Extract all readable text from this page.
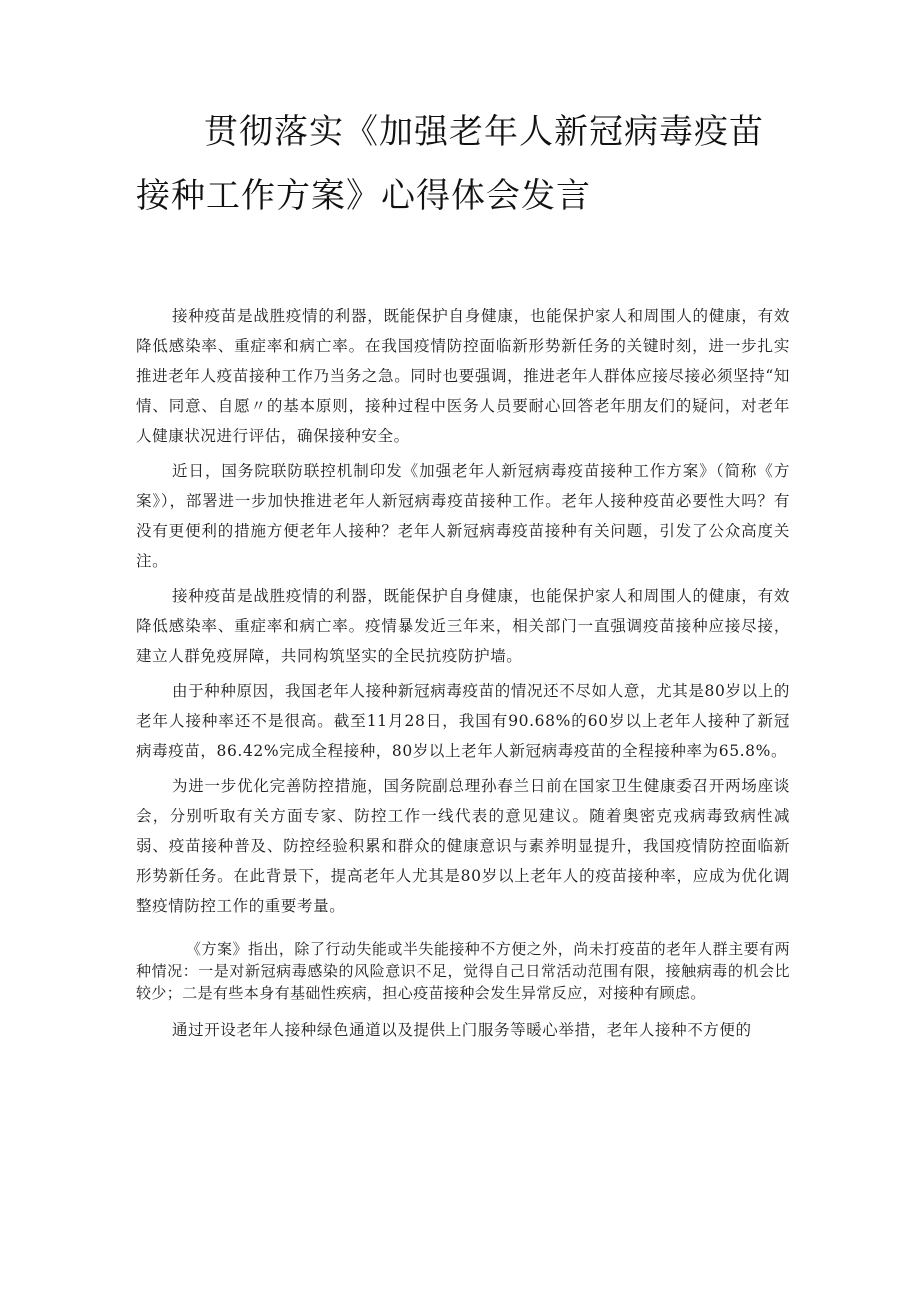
贯彻落实《加强老年人新冠病毒疫苗接种工作方案》心得体会发言

接种疫苗是战胜疫情的利器，既能保护自身健康，也能保护家人和周围人的健康，有效降低感染率、重症率和病亡率。在我国疫情防控面临新形势新任务的关键时刻，进一步扎实推进老年人疫苗接种工作乃当务之急。同时也要强调，推进老年人群体应接尽接必须坚持“知情、同意、自愿〃的基本原则，接种过程中医务人员要耐心回答老年朋友们的疑问，对老年人健康状况进行评估，确保接种安全。

近日，国务院联防联控机制印发《加强老年人新冠病毒疫苗接种工作方案》（简称《方案》），部署进一步加快推进老年人新冠病毒疫苗接种工作。老年人接种疫苗必要性大吗？有没有更便利的措施方便老年人接种？老年人新冠病毒疫苗接种有关问题，引发了公众高度关注。

接种疫苗是战胜疫情的利器，既能保护自身健康，也能保护家人和周围人的健康，有效降低感染率、重症率和病亡率。疫情暴发近三年来，相关部门一直强调疫苗接种应接尽接，建立人群免疫屏障，共同构筑坚实的全民抗疫防护墙。

由于种种原因，我国老年人接种新冠病毒疫苗的情况还不尽如人意，尤其是80岁以上的老年人接种率还不是很高。截至11月28日，我国有90.68%的60岁以上老年人接种了新冠病毒疫苗，86.42%完成全程接种，80岁以上老年人新冠病毒疫苗的全程接种率为65.8%。

为进一步优化完善防控措施，国务院副总理孙春兰日前在国家卫生健康委召开两场座谈会，分别听取有关方面专家、防控工作一线代表的意见建议。随着奥密克戎病毒致病性减弱、疫苗接种普及、防控经验积累和群众的健康意识与素养明显提升，我国疫情防控面临新形势新任务。在此背景下，提高老年人尤其是80岁以上老年人的疫苗接种率，应成为优化调整疫情防控工作的重要考量。

《方案》指出，除了行动失能或半失能接种不方便之外，尚未打疫苗的老年人群主要有两种情况：一是对新冠病毒感染的风险意识不足，觉得自己日常活动范围有限，接触病毒的机会比较少；二是有些本身有基础性疾病，担心疫苗接种会发生异常反应，对接种有顾虑。

通过开设老年人接种绿色通道以及提供上门服务等暖心举措，老年人接种不方便的
